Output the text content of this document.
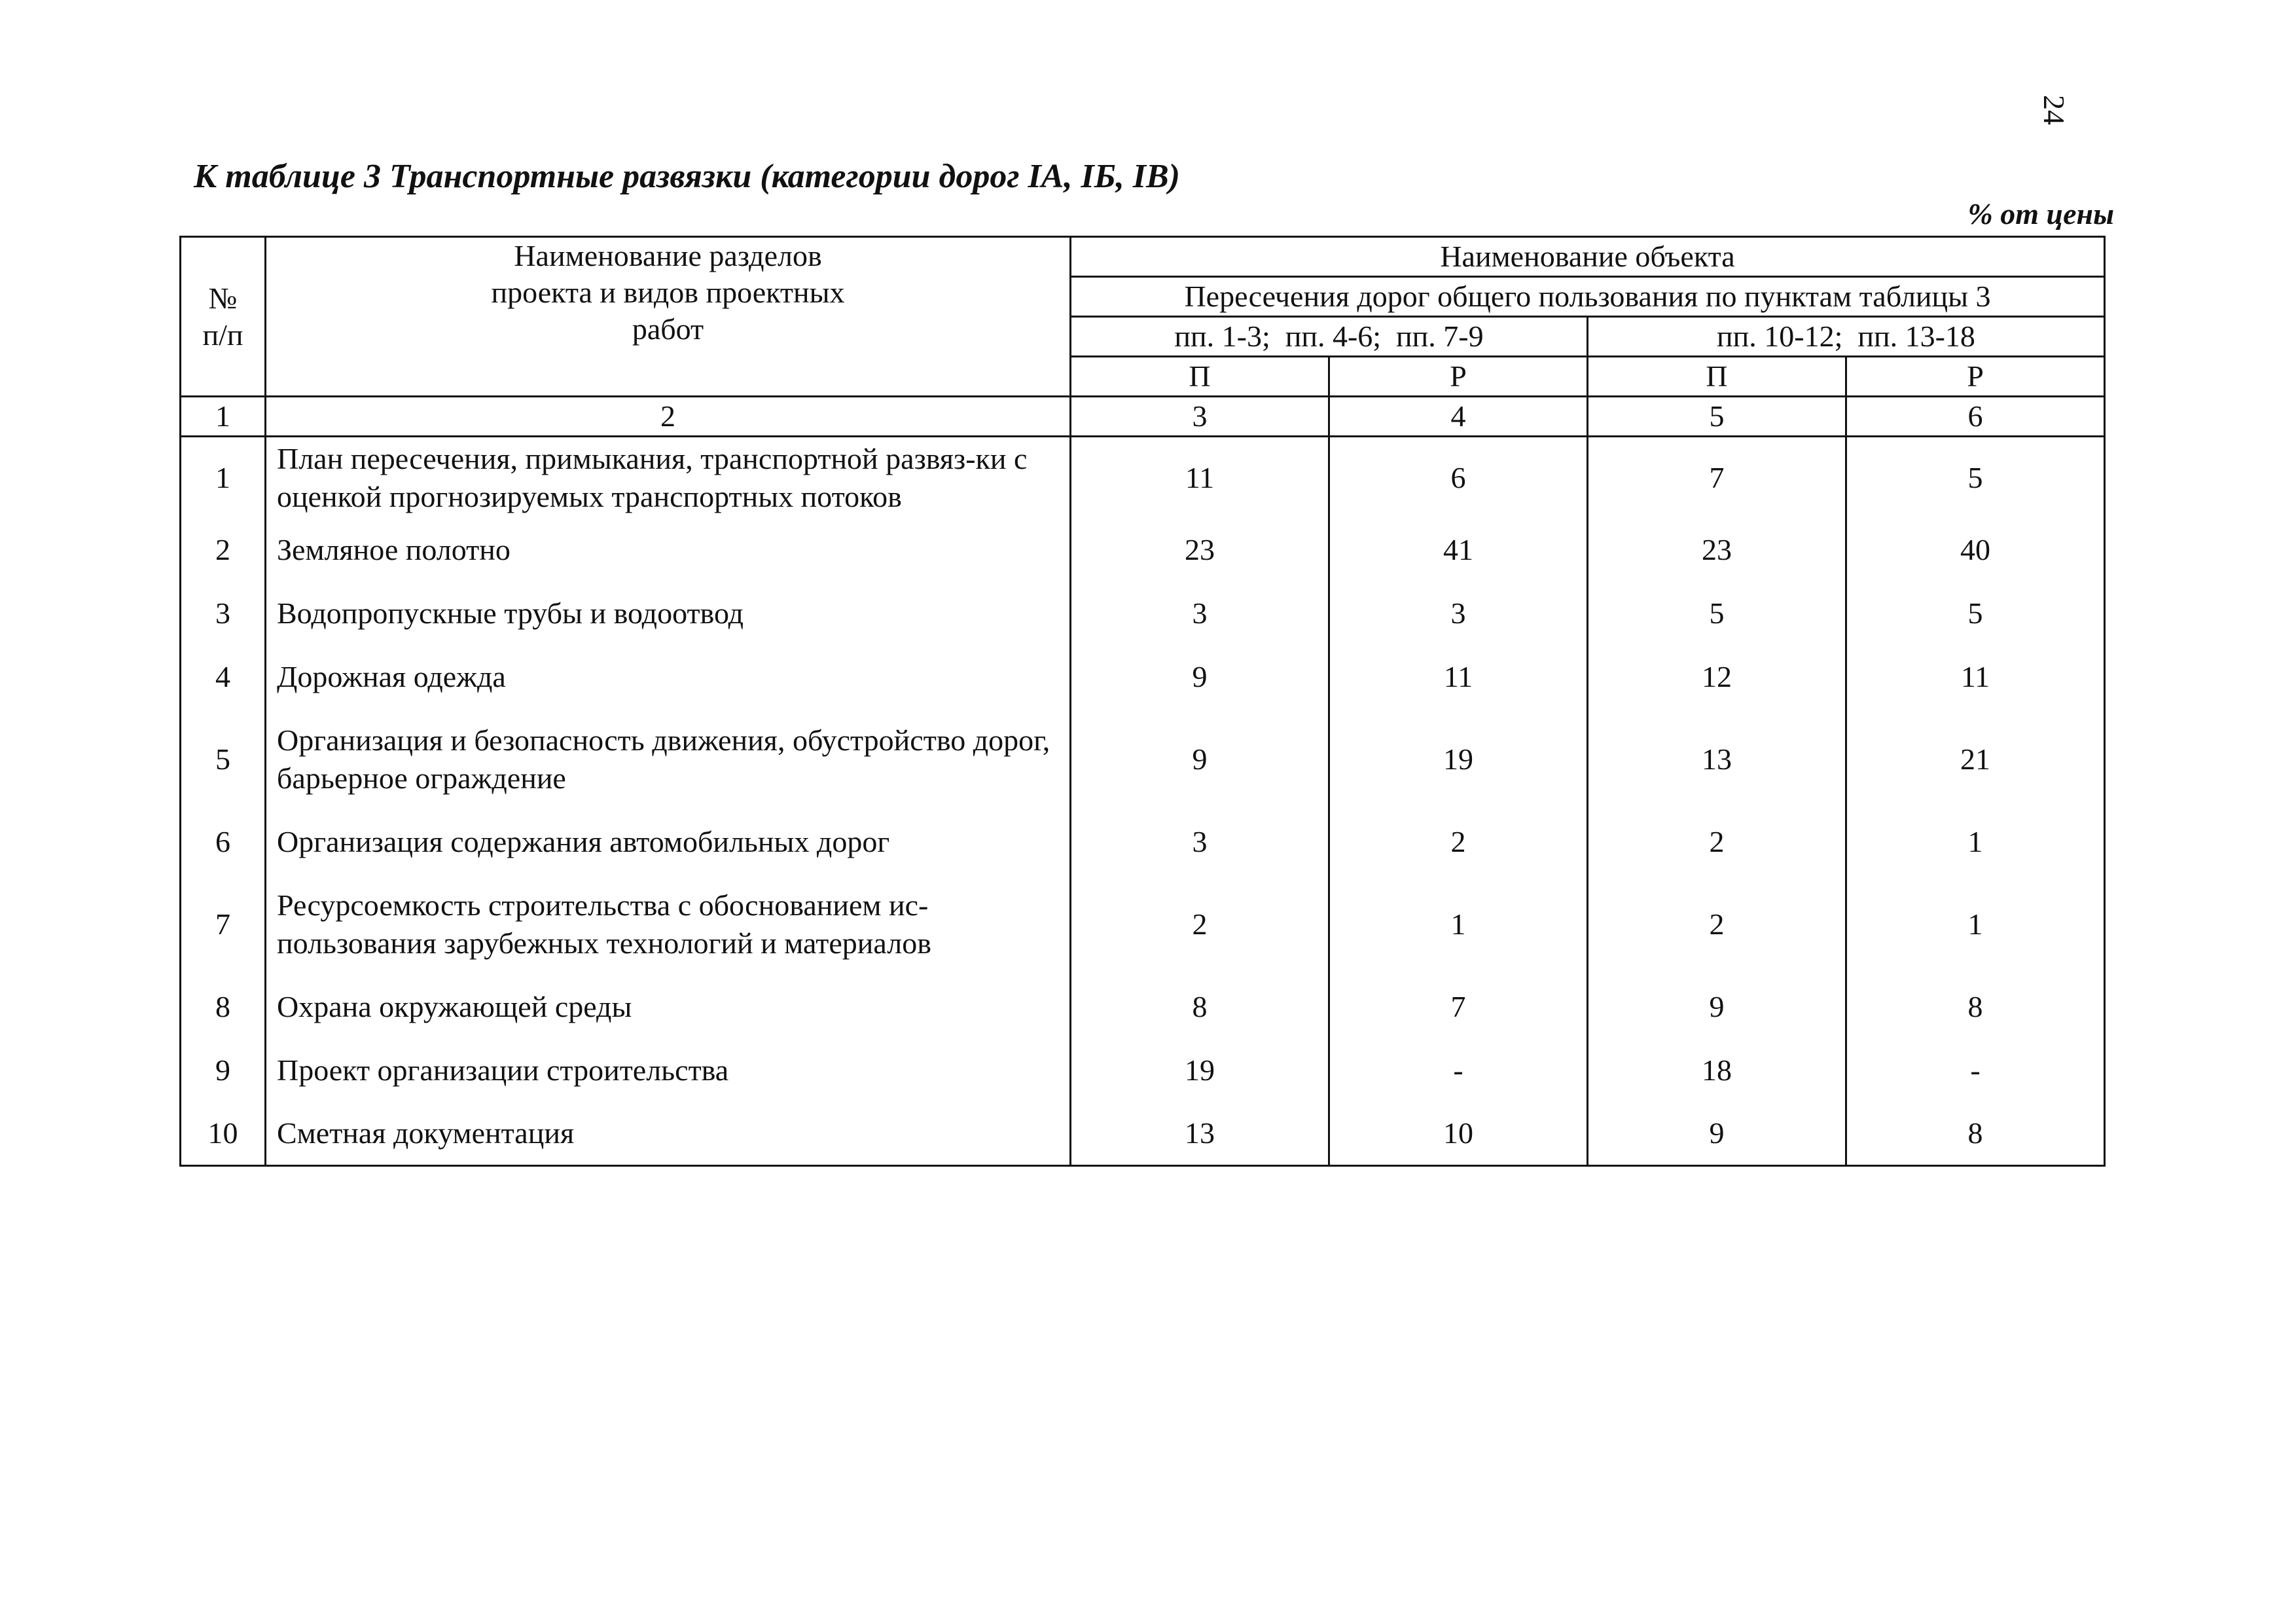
24
К таблице 3 Транспортные развязки (категории дорог IA, IБ, IB)
% от цены
№ п/п	Наименование разделов проекта и видов проектных работ	Наименование объекта			
		Пересечения дорог общего пользования по пунктам таблицы 3			
		пп. 1-3;  пп. 4-6;  пп. 7-9		пп. 10-12;  пп. 13-18	
		П	Р	П	Р
1	2	3	4	5	6
1	План пересечения, примыкания, транспортной развяз-ки с оценкой прогнозируемых транспортных потоков	11	6	7	5
2	Земляное полотно	23	41	23	40
3	Водопропускные трубы и водоотвод	3	3	5	5
4	Дорожная одежда	9	11	12	11
5	Организация и безопасность движения, обустройство дорог, барьерное ограждение	9	19	13	21
6	Организация содержания автомобильных дорог	3	2	2	1
7	Ресурсоемкость строительства с обоснованием ис-пользования зарубежных технологий и материалов	2	1	2	1
8	Охрана окружающей среды	8	7	9	8
9	Проект организации строительства	19	-	18	-
10	Сметная документация	13	10	9	8
